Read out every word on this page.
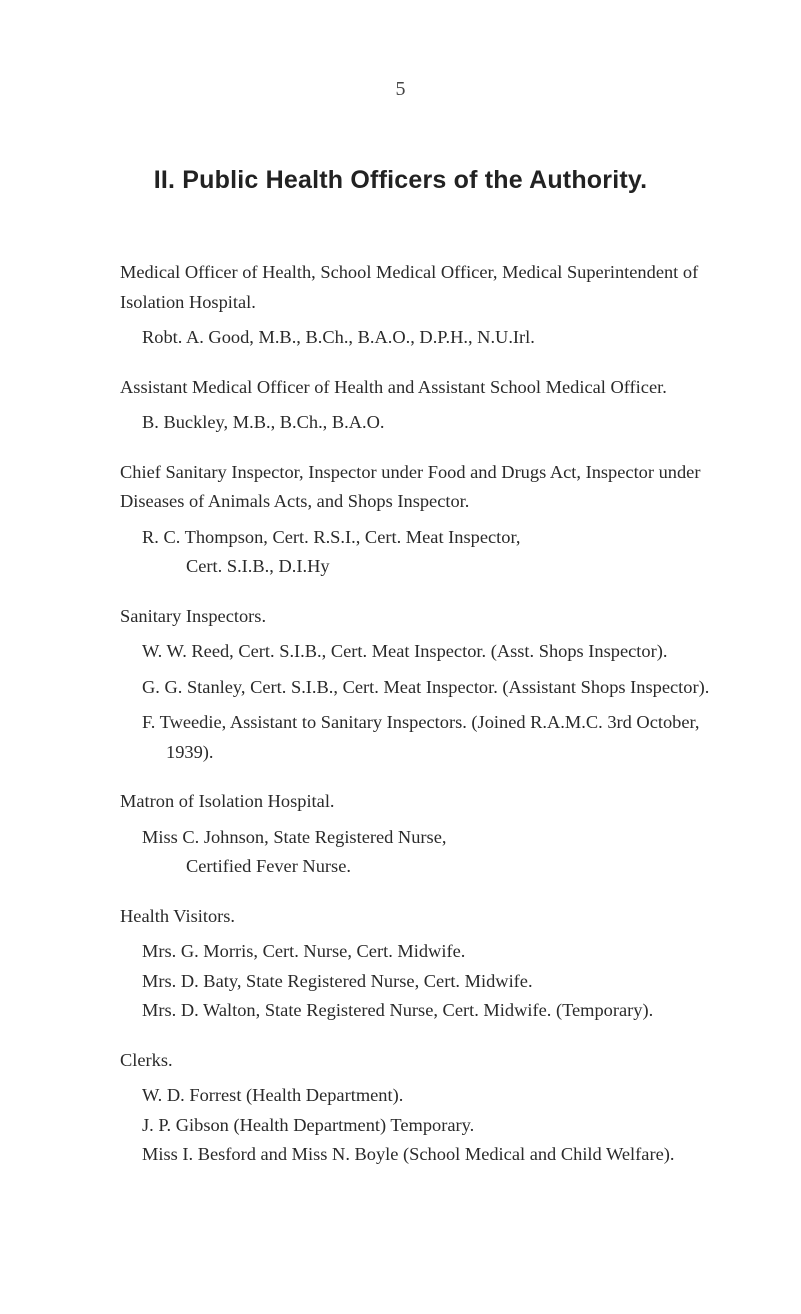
5
II. Public Health Officers of the Authority.

Medical Officer of Health, School Medical Officer, Medical Superintendent of Isolation Hospital.

Robt. A. Good, M.B., B.Ch., B.A.O., D.P.H., N.U.Irl.

Assistant Medical Officer of Health and Assistant School Medical Officer.

B. Buckley, M.B., B.Ch., B.A.O.

Chief Sanitary Inspector, Inspector under Food and Drugs Act, Inspector under Diseases of Animals Acts, and Shops Inspector.

R. C. Thompson, Cert. R.S.I., Cert. Meat Inspector,

Cert. S.I.B., D.I.Hy

Sanitary Inspectors.

W. W. Reed, Cert. S.I.B., Cert. Meat Inspector. (Asst. Shops Inspector).

G. G. Stanley, Cert. S.I.B., Cert. Meat Inspector. (Assistant Shops Inspector).

F. Tweedie, Assistant to Sanitary Inspectors. (Joined R.A.M.C. 3rd October, 1939).

Matron of Isolation Hospital.

Miss C. Johnson, State Registered Nurse,

Certified Fever Nurse.

Health Visitors.

Mrs. G. Morris, Cert. Nurse, Cert. Midwife.

Mrs. D. Baty, State Registered Nurse, Cert. Midwife.

Mrs. D. Walton, State Registered Nurse, Cert. Midwife. (Temporary).

Clerks.

W. D. Forrest (Health Department).

J. P. Gibson (Health Department) Temporary.

Miss I. Besford and Miss N. Boyle (School Medical and Child Welfare).
